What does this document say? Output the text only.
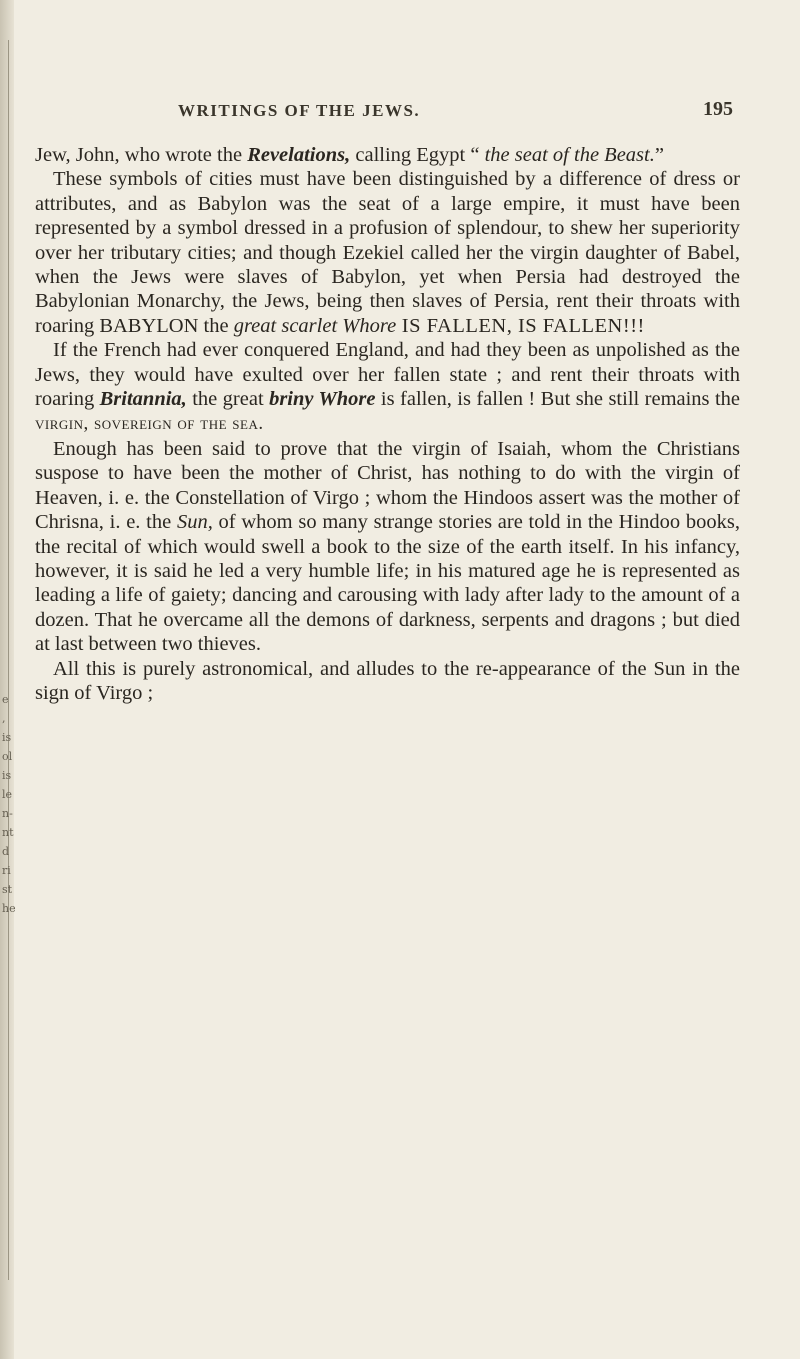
e
,
is
ol
is
le
n-
nt
d
ri
st
he
WRITINGS OF THE JEWS.	195

Jew, John, who wrote the Revelations, calling Egypt “ the seat of the Beast.”

These symbols of cities must have been distinguished by a difference of dress or attributes, and as Babylon was the seat of a large empire, it must have been represented by a symbol dressed in a profusion of splendour, to shew her superiority over her tributary cities; and though Ezekiel called her the virgin daughter of Babel, when the Jews were slaves of Babylon, yet when Persia had destroyed the Babylonian Monarchy, the Jews, being then slaves of Persia, rent their throats with roaring BABYLON the great scarlet Whore IS FALLEN, IS FALLEN!!!

If the French had ever conquered England, and had they been as unpolished as the Jews, they would have exulted over her fallen state ; and rent their throats with roaring Britannia, the great briny Whore is fallen, is fallen ! But she still remains the virgin, sovereign of the sea.

Enough has been said to prove that the virgin of Isaiah, whom the Christians suspose to have been the mother of Christ, has nothing to do with the virgin of Heaven, i. e. the Constellation of Virgo ; whom the Hindoos assert was the mother of Chrisna, i. e. the Sun, of whom so many strange stories are told in the Hindoo books, the recital of which would swell a book to the size of the earth itself. In his infancy, however, it is said he led a very humble life; in his matured age he is represented as leading a life of gaiety; dancing and carousing with lady after lady to the amount of a dozen. That he overcame all the demons of darkness, serpents and dragons ; but died at last between two thieves.

All this is purely astronomical, and alludes to the re-appearance of the Sun in the sign of Virgo ;
